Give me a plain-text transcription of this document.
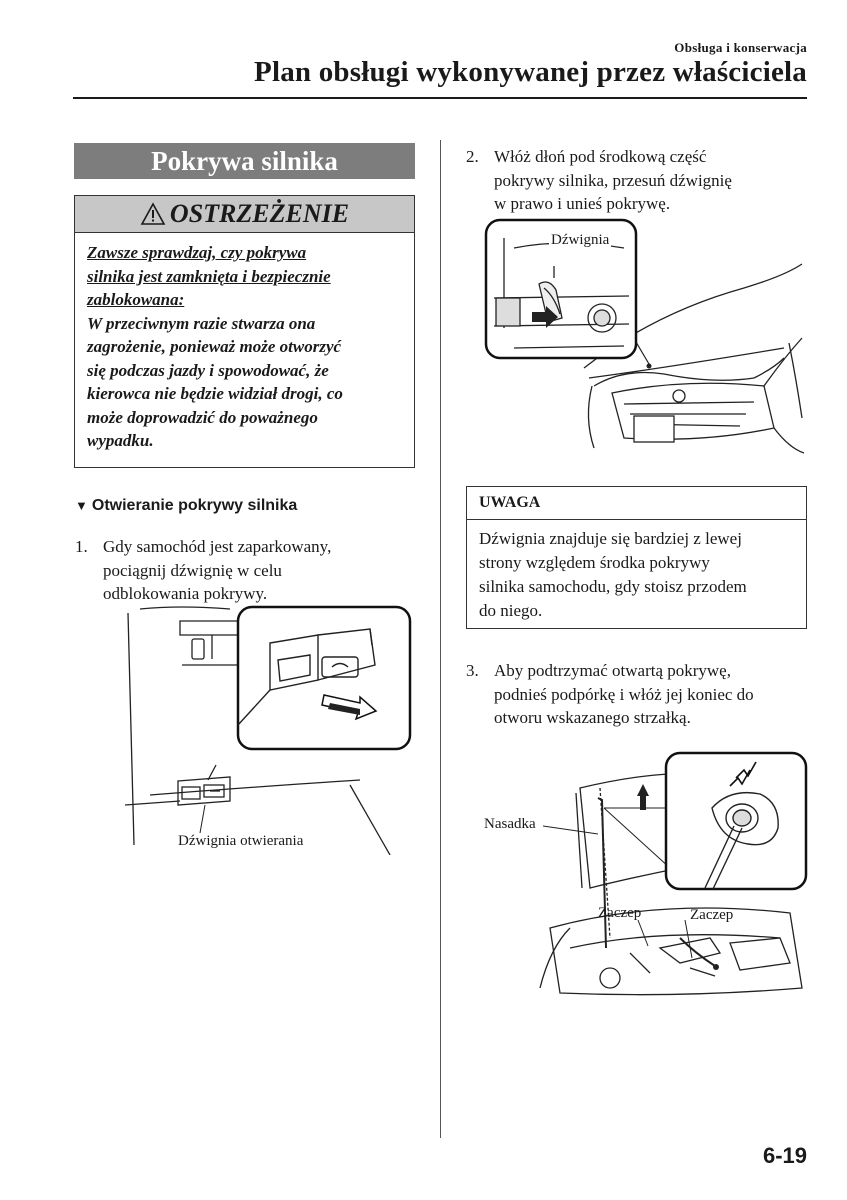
Obsługa i konserwacja
Plan obsługi wykonywanej przez właściciela
Pokrywa silnika
OSTRZEŻENIE
Zawsze sprawdzaj, czy pokrywa
silnika jest zamknięta i bezpiecznie
zablokowana:
W przeciwnym razie stwarza ona
zagrożenie, ponieważ może otworzyć
się podczas jazdy i spowodować, że
kierowca nie będzie widział drogi, co
może doprowadzić do poważnego
wypadku.
▼ Otwieranie pokrywy silnika
1. Gdy samochód jest zaparkowany,
pociągnij dźwignię w celu
odblokowania pokrywy.
Dźwignia otwierania
2. Włóż dłoń pod środkową część
pokrywy silnika, przesuń dźwignię
w prawo i unieś pokrywę.
Dźwignia
UWAGA
Dźwignia znajduje się bardziej z lewej
strony względem środka pokrywy
silnika samochodu, gdy stoisz przodem
do niego.
3. Aby podtrzymać otwartą pokrywę,
podnieś podpórkę i włóż jej koniec do
otworu wskazanego strzałką.
Nasadka
Zaczep	Zaczep
6-19
